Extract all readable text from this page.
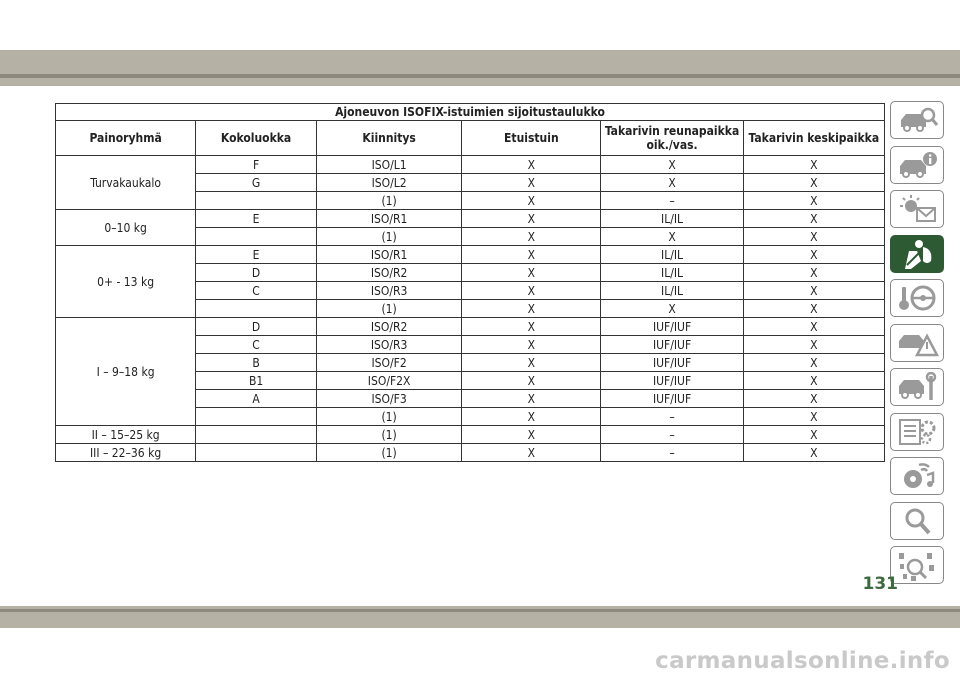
Ajoneuvon ISOFIX-istuimien sijoitustaulukko					
Painoryhmä	Kokoluokka	Kiinnitys	Etuistuin	Takarivin reunapaikka oik./vas.	Takarivin keskipaikka
Turvakaukalo	F	ISO/L1	X	X	X
	G	ISO/L2	X	X	X
		(1)	X	–	X
0–10 kg	E	ISO/R1	X	IL/IL	X
		(1)	X	X	X
0+ - 13 kg	E	ISO/R1	X	IL/IL	X
	D	ISO/R2	X	IL/IL	X
	C	ISO/R3	X	IL/IL	X
		(1)	X	X	X
I – 9–18 kg	D	ISO/R2	X	IUF/IUF	X
	C	ISO/R3	X	IUF/IUF	X
	B	ISO/F2	X	IUF/IUF	X
	B1	ISO/F2X	X	IUF/IUF	X
	A	ISO/F3	X	IUF/IUF	X
		(1)	X	–	X
II – 15–25 kg		(1)	X	–	X
III – 22–36 kg		(1)	X	–	X
131
carmanualsonline.info
